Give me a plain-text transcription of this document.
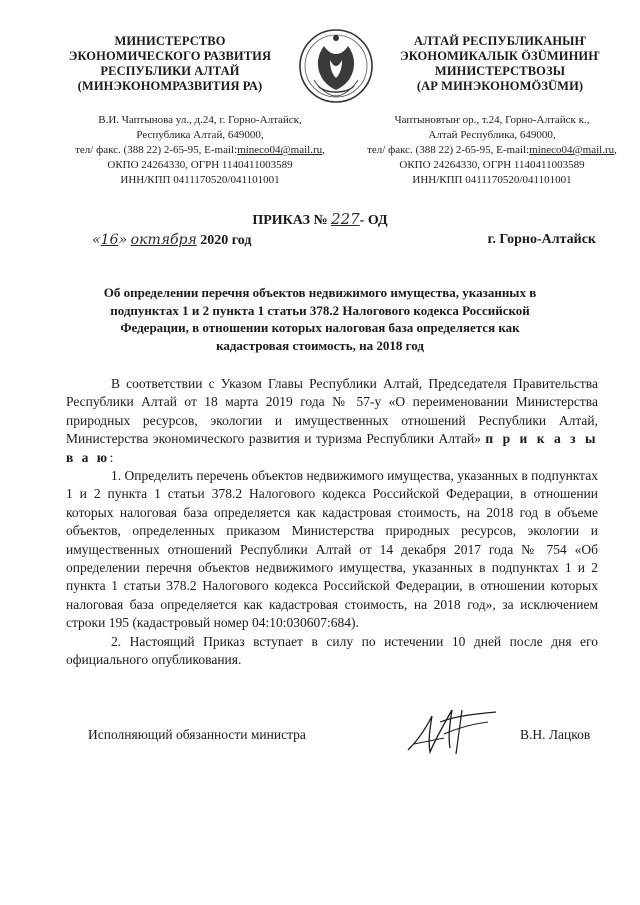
МИНИСТЕРСТВО
ЭКОНОМИЧЕСКОГО РАЗВИТИЯ
РЕСПУБЛИКИ АЛТАЙ
(МИНЭКОНОМРАЗВИТИЯ РА)
АЛТАЙ РЕСПУБЛИКАНЫҤ
ЭКОНОМИКАЛЫК ÖЗÜМИНИҤ
МИНИСТЕРСТВОЗЫ
(АР МИНЭКОНОМÖЗÜМИ)
В.И. Чаптынова ул., д.24, г. Горно-Алтайск,
Республика Алтай, 649000,
тел/ факс. (388 22) 2-65-95, E-mail:mineco04@mail.ru,
ОКПО 24264330, ОГРН 1140411003589
ИНН/КПП 0411170520/041101001
Чаптыновтыҥ ор., т.24, Горно-Алтайск к.,
Алтай Республика, 649000,
тел/ факс. (388 22) 2-65-95, E-mail:mineco04@mail.ru,
ОКПО 24264330, ОГРН 1140411003589
ИНН/КПП 0411170520/041101001
ПРИКАЗ № 227- ОД
«16» октября 2020 год	г. Горно-Алтайск
Об определении перечня объектов недвижимого имущества, указанных в
подпунктах 1 и 2 пункта 1 статьи 378.2 Налогового кодекса Российской
Федерации, в отношении которых налоговая база определяется как
кадастровая стоимость, на 2018 год

В соответствии с Указом Главы Республики Алтай, Председателя Правительства Республики Алтай от 18 марта 2019 года № 57-у «О переименовании Министерства природных ресурсов, экологии и имущественных отношений Республики Алтай, Министерства экономического развития и туризма Республики Алтай» п р и к а з ы в а ю:

1. Определить перечень объектов недвижимого имущества, указанных в подпунктах 1 и 2 пункта 1 статьи 378.2 Налогового кодекса Российской Федерации, в отношении которых налоговая база определяется как кадастровая стоимость, на 2018 год в объеме объектов, определенных приказом Министерства природных ресурсов, экологии и имущественных отношений Республики Алтай от 14 декабря 2017 года № 754 «Об определении перечня объектов недвижимого имущества, указанных в подпунктах 1 и 2 пункта 1 статьи 378.2 Налогового кодекса Российской Федерации, в отношении которых налоговая база определяется как кадастровая стоимость, на 2018 год», за исключением строки 195 (кадастровый номер 04:10:030607:684).

2. Настоящий Приказ вступает в силу по истечении 10 дней после дня его официального опубликования.

Исполняющий обязанности министра	В.Н. Лацков
